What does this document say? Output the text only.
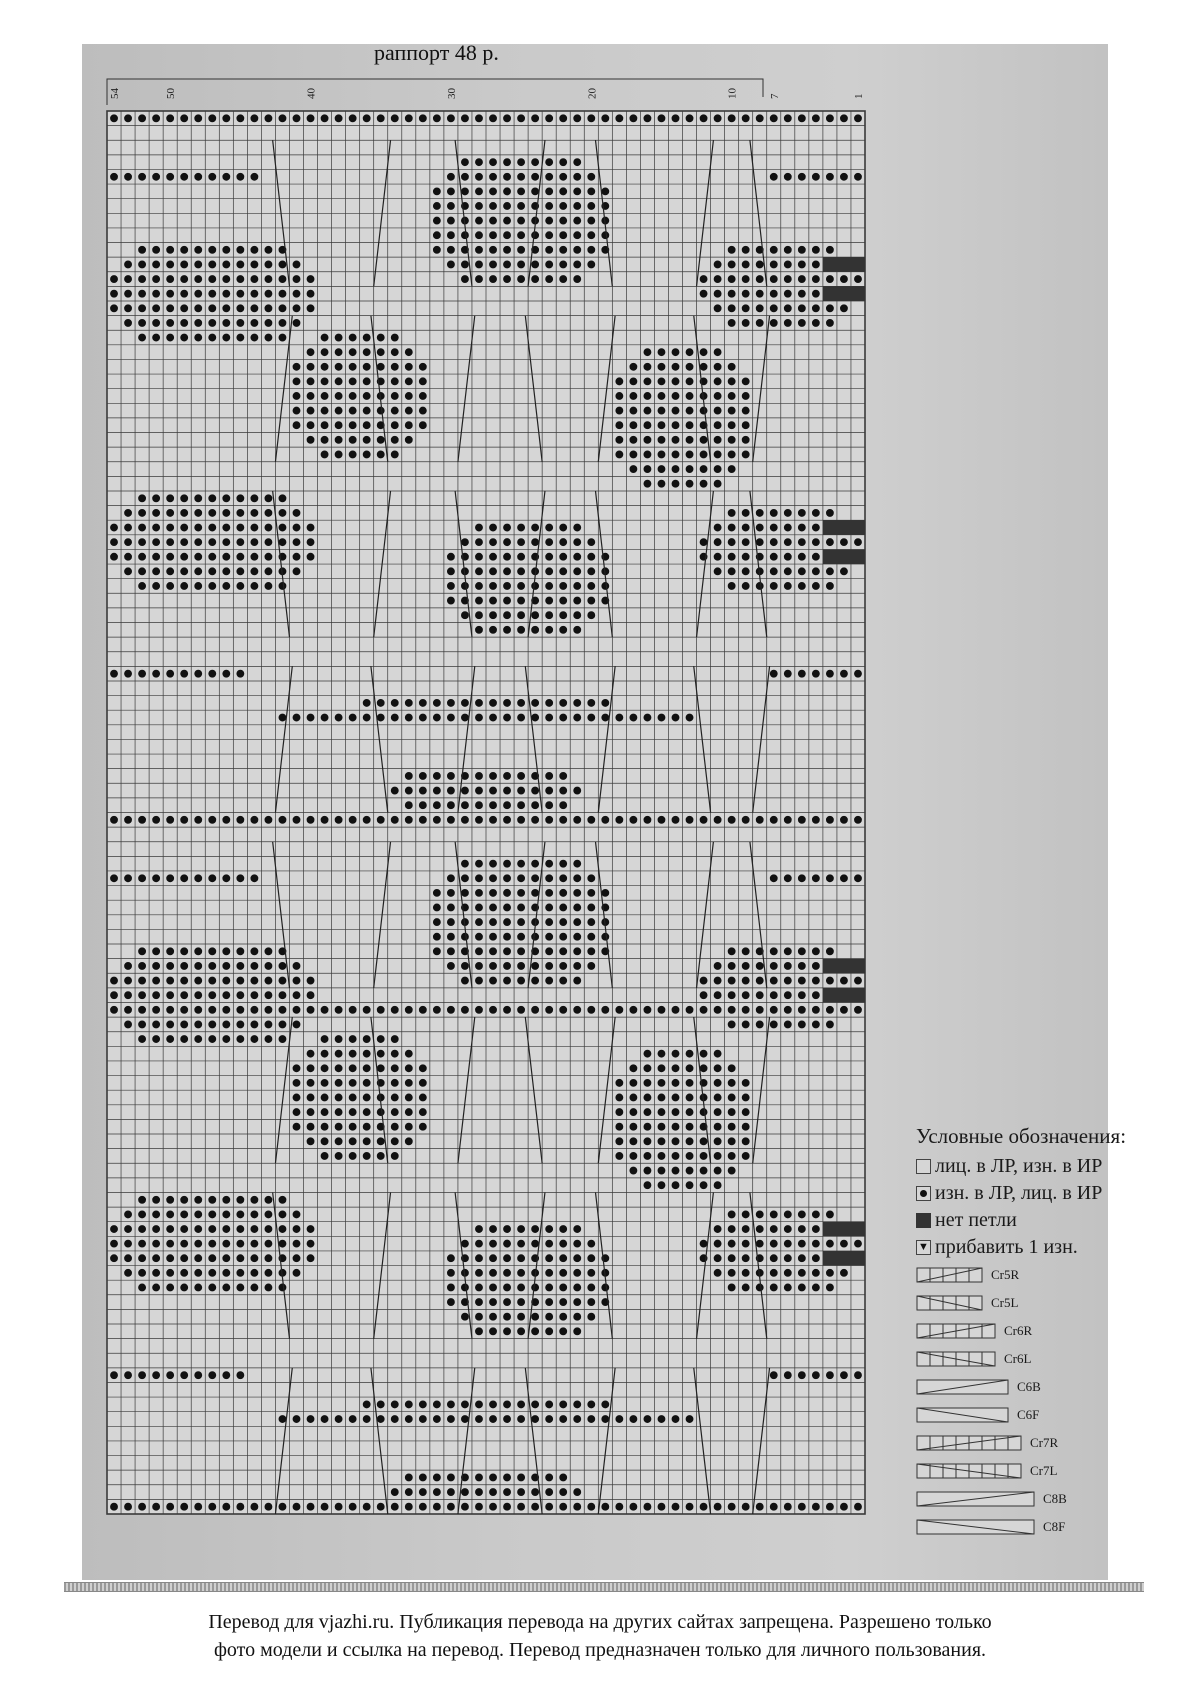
54	50	40	30	20	10	7	1
раппорт 48 р.
Условные обозначения:
лиц. в ЛР, изн. в ИР
изн. в ЛР, лиц. в ИР
нет петли
▼ прибавить 1 изн.
Cr5R
Cr5L
Cr6R
Cr6L
C6B
C6F
Cr7R
Cr7L
C8B
C8F
Перевод для vjazhi.ru. Публикация перевода на других сайтах запрещена. Разрешено только
фото модели и ссылка на перевод. Перевод предназначен только для личного пользования.
